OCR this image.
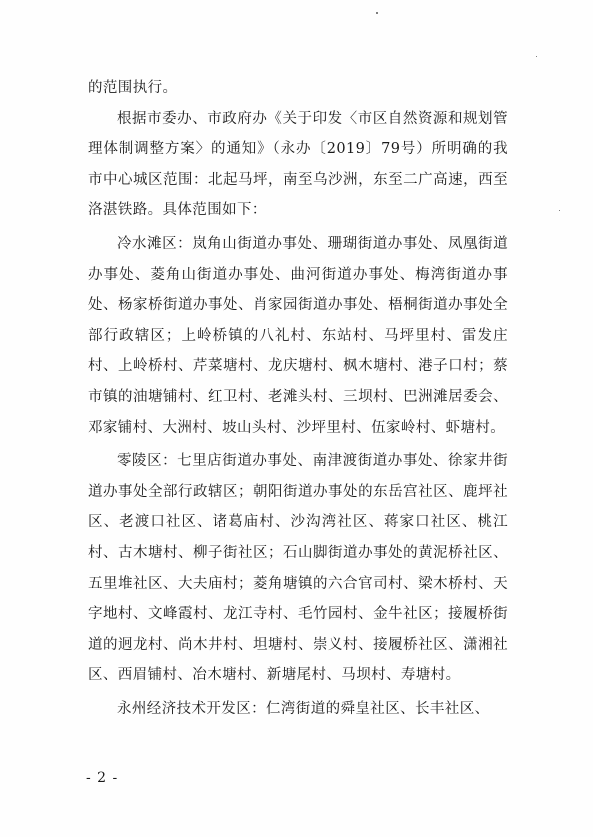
的范围执行。

根据市委办、市政府办《关于印发〈市区自然资源和规划管理体制调整方案〉的通知》（永办〔2019〕79号）所明确的我市中心城区范围：北起马坪，南至乌沙洲，东至二广高速，西至洛湛铁路。具体范围如下：

冷水滩区：岚角山街道办事处、珊瑚街道办事处、凤凰街道办事处、菱角山街道办事处、曲河街道办事处、梅湾街道办事处、杨家桥街道办事处、肖家园街道办事处、梧桐街道办事处全部行政辖区；上岭桥镇的八礼村、东站村、马坪里村、雷发庄村、上岭桥村、芹菜塘村、龙庆塘村、枫木塘村、港子口村；蔡市镇的油塘铺村、红卫村、老滩头村、三坝村、巴洲滩居委会、邓家铺村、大洲村、坡山头村、沙坪里村、伍家岭村、虾塘村。

零陵区：七里店街道办事处、南津渡街道办事处、徐家井街道办事处全部行政辖区；朝阳街道办事处的东岳宫社区、鹿坪社区、老渡口社区、诸葛庙村、沙沟湾社区、蒋家口社区、桃江村、古木塘村、柳子街社区；石山脚街道办事处的黄泥桥社区、五里堆社区、大夫庙村；菱角塘镇的六合官司村、梁木桥村、天字地村、文峰霞村、龙江寺村、毛竹园村、金牛社区；接履桥街道的迥龙村、尚木井村、坦塘村、崇义村、接履桥社区、潇湘社区、西眉铺村、冶木塘村、新塘尾村、马坝村、寿塘村。

永州经济技术开发区：仁湾街道的舜皇社区、长丰社区、

- 2 -
